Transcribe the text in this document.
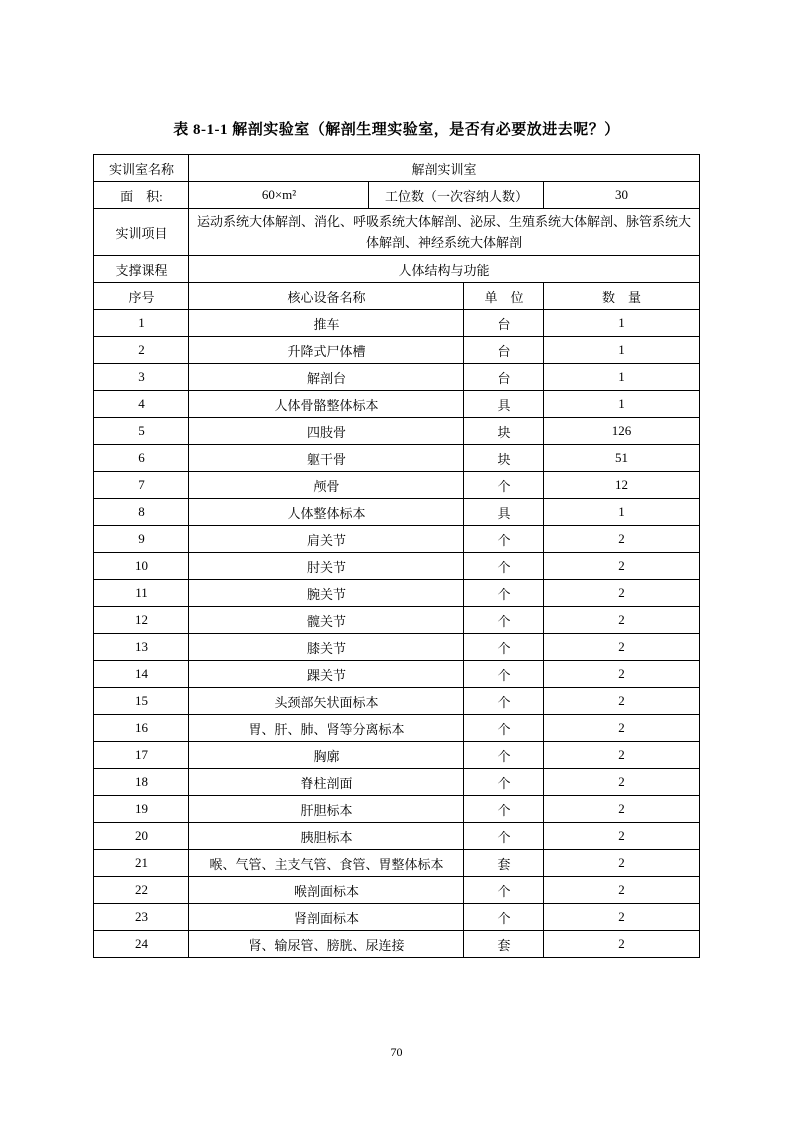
表 8-1-1 解剖实验室（解剖生理实验室，是否有必要放进去呢？）
实训室名称	解剖实训室			
面　积:	60×m²	工位数（一次容纳人数）		30
实训项目	运动系统大体解剖、消化、呼吸系统大体解剖、泌尿、生殖系统大体解剖、脉管系统大体解剖、神经系统大体解剖			
支撑课程	人体结构与功能			
序号	核心设备名称		单　位	数　量
1	推车		台	1
2	升降式尸体槽		台	1
3	解剖台		台	1
4	人体骨骼整体标本		具	1
5	四肢骨		块	126
6	躯干骨		块	51
7	颅骨		个	12
8	人体整体标本		具	1
9	肩关节		个	2
10	肘关节		个	2
11	腕关节		个	2
12	髋关节		个	2
13	膝关节		个	2
14	踝关节		个	2
15	头颈部矢状面标本		个	2
16	胃、肝、肺、肾等分离标本		个	2
17	胸廓		个	2
18	脊柱剖面		个	2
19	肝胆标本		个	2
20	胰胆标本		个	2
21	喉、气管、主支气管、食管、胃整体标本		套	2
22	喉剖面标本		个	2
23	肾剖面标本		个	2
24	肾、输尿管、膀胱、尿连接		套	2
70
